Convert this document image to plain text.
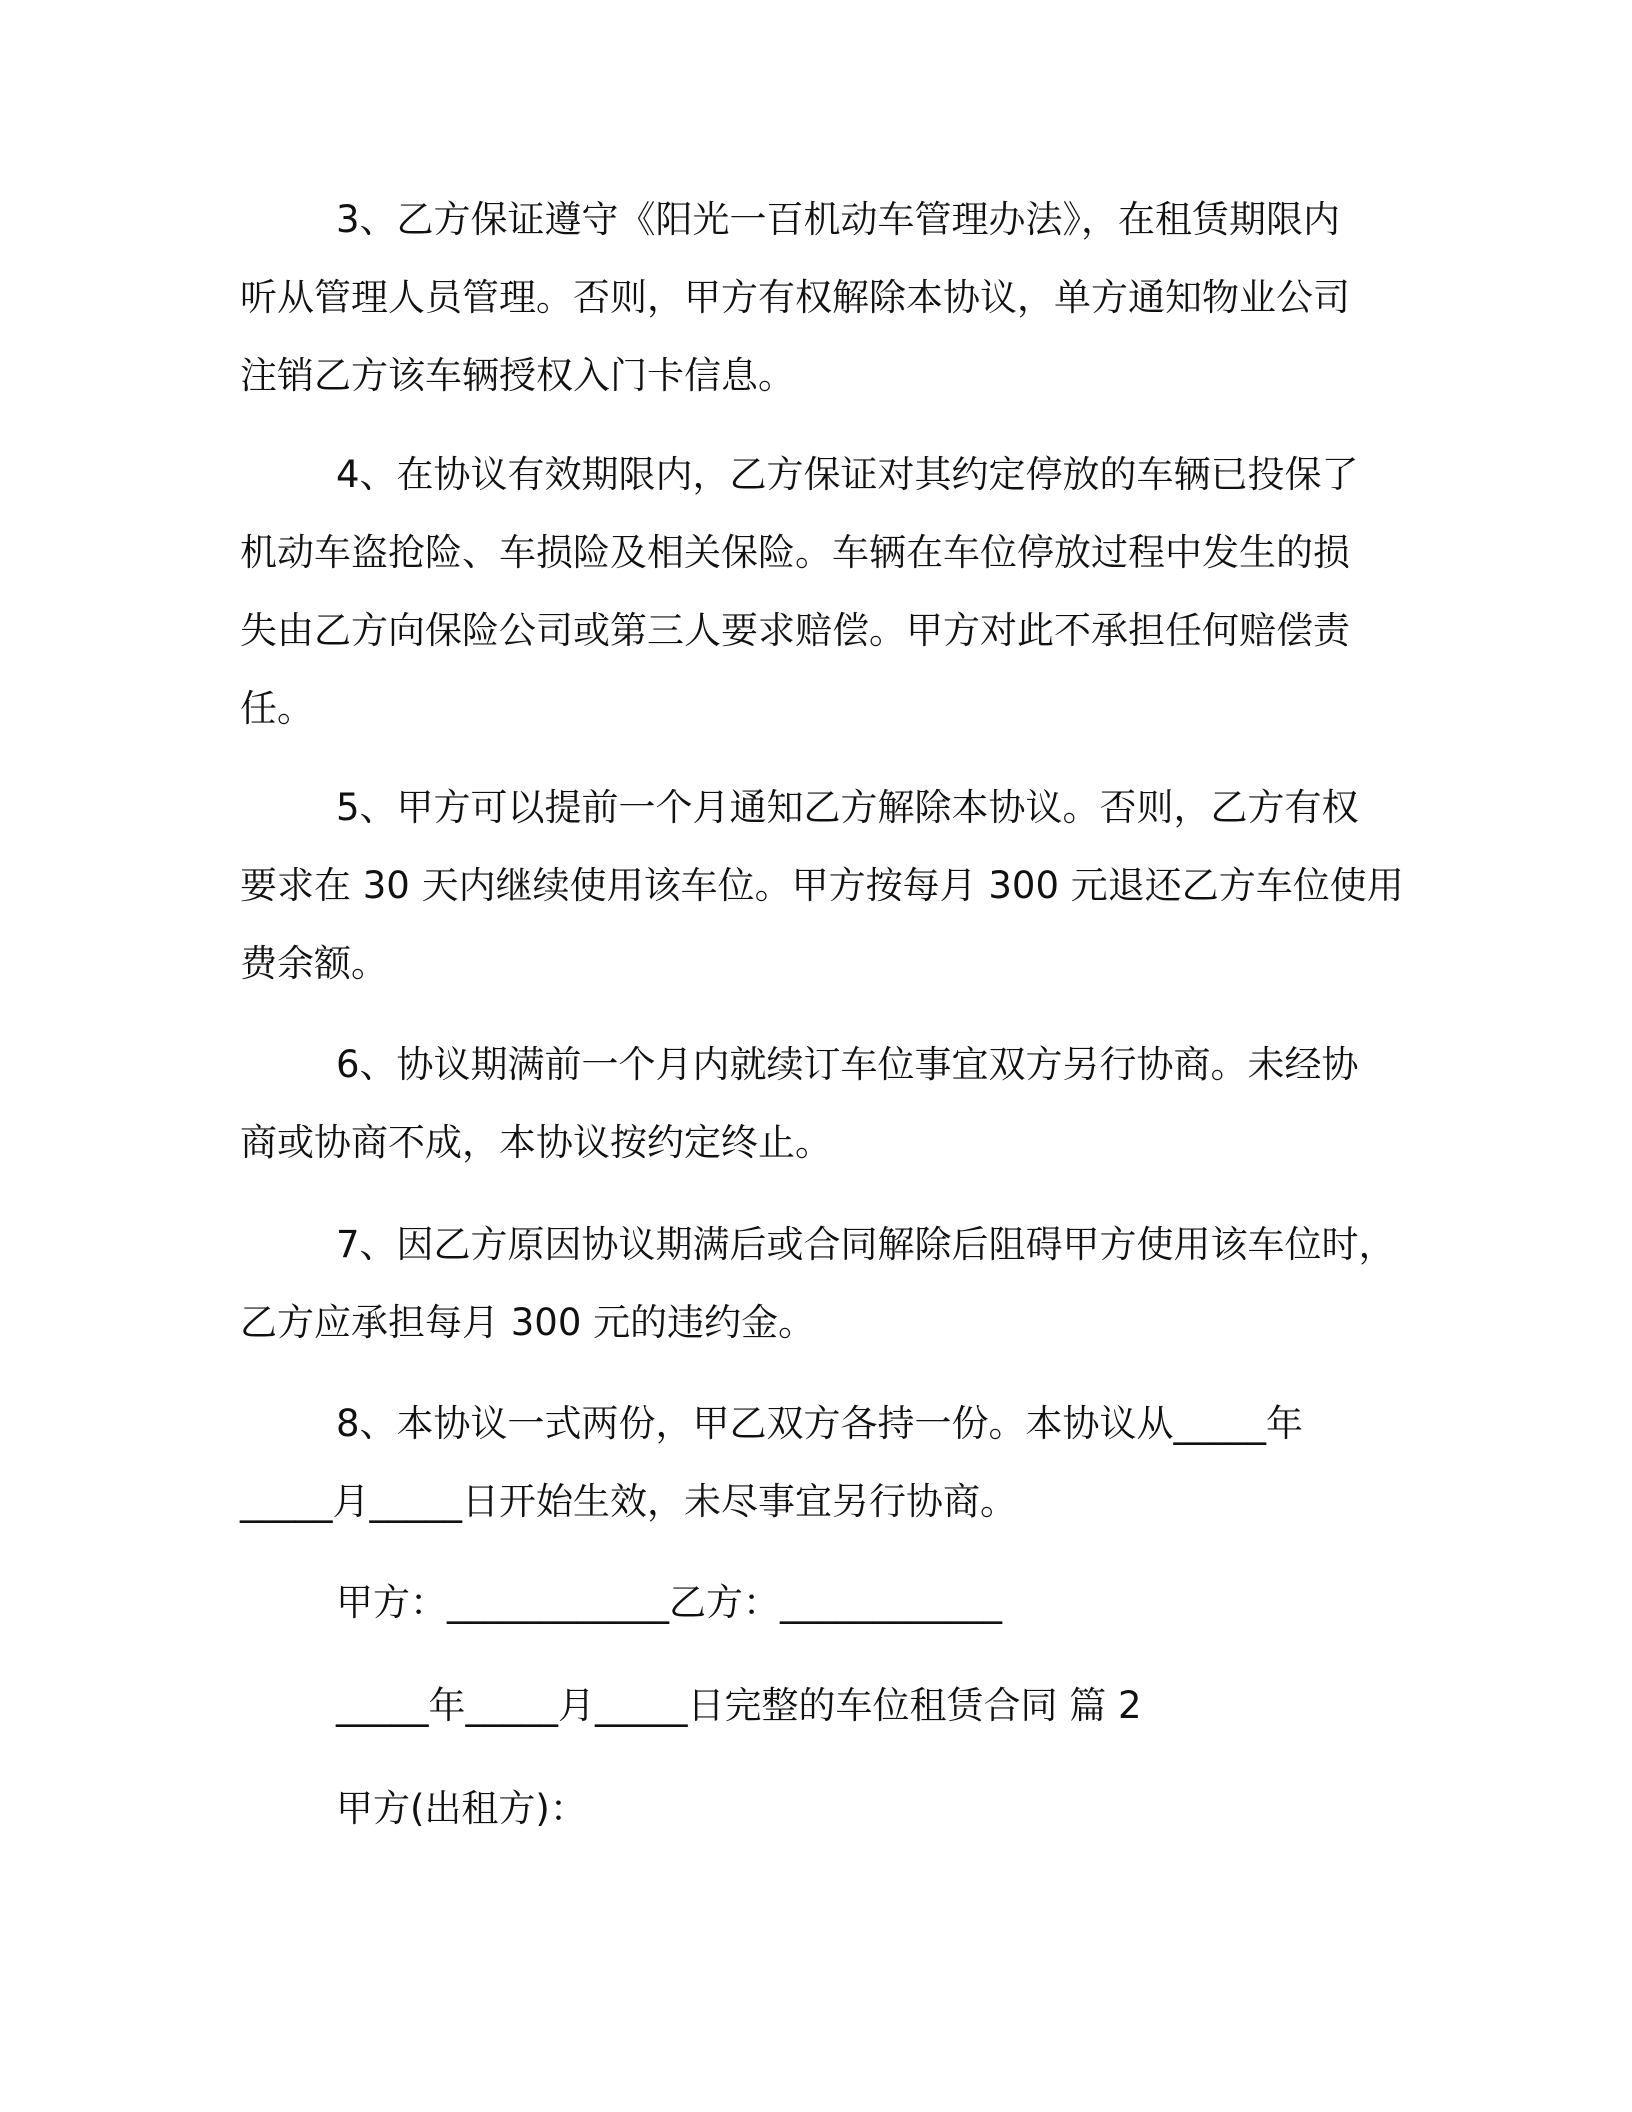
3、乙方保证遵守《阳光一百机动车管理办法》，在租赁期限内
听从管理人员管理。否则，甲方有权解除本协议，单方通知物业公司
注销乙方该车辆授权入门卡信息。
4、在协议有效期限内，乙方保证对其约定停放的车辆已投保了
机动车盗抢险、车损险及相关保险。车辆在车位停放过程中发生的损
失由乙方向保险公司或第三人要求赔偿。甲方对此不承担任何赔偿责
任。
5、甲方可以提前一个月通知乙方解除本协议。否则，乙方有权
要求在 30 天内继续使用该车位。甲方按每月 300 元退还乙方车位使用
费余额。
6、协议期满前一个月内就续订车位事宜双方另行协商。未经协
商或协商不成，本协议按约定终止。
7、因乙方原因协议期满后或合同解除后阻碍甲方使用该车位时，
乙方应承担每月 300 元的违约金。
8、本协议一式两份，甲乙双方各持一份。本协议从_____年
_____月_____日开始生效，未尽事宜另行协商。
甲方：____________乙方：____________
_____年_____月_____日完整的车位租赁合同 篇 2
甲方(出租方)：
